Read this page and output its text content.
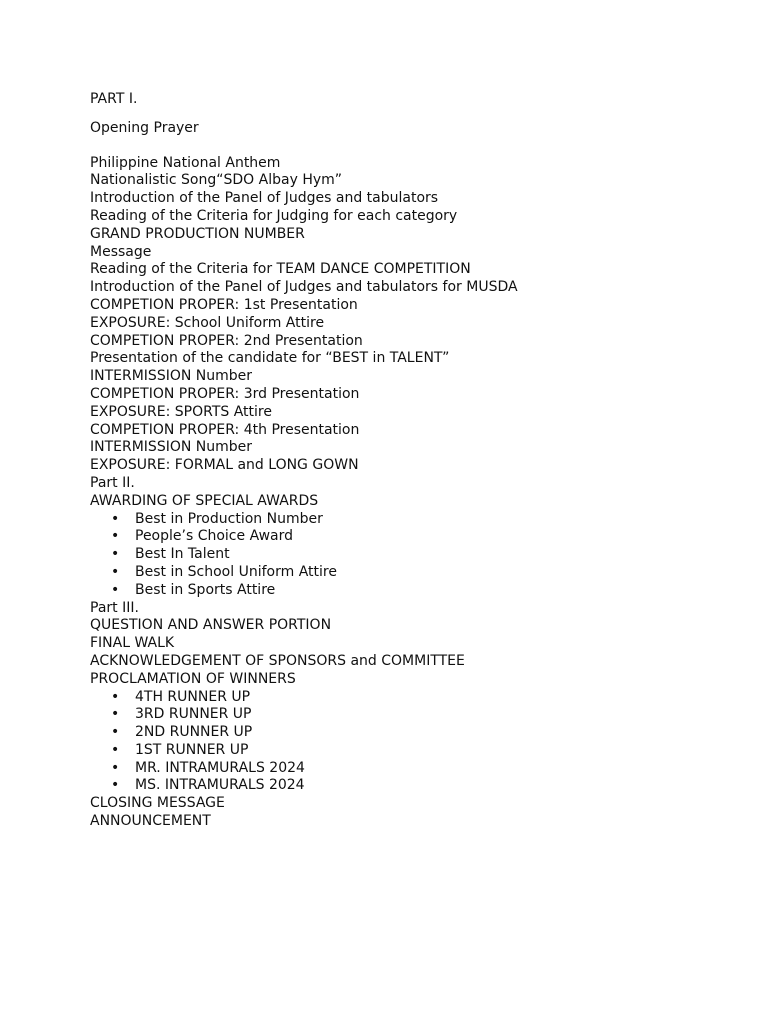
PART I.
Opening Prayer
Philippine National Anthem
Nationalistic Song“SDO Albay Hym”
Introduction of the Panel of Judges and tabulators
Reading of the Criteria for Judging for each category
GRAND PRODUCTION NUMBER
Message
Reading of the Criteria for TEAM DANCE COMPETITION
Introduction of the Panel of Judges and tabulators for MUSDA
COMPETION PROPER: 1st Presentation
EXPOSURE: School Uniform Attire
COMPETION PROPER: 2nd Presentation
Presentation of the candidate for “BEST in TALENT”
INTERMISSION Number
COMPETION PROPER: 3rd Presentation
EXPOSURE: SPORTS Attire
COMPETION PROPER: 4th Presentation
INTERMISSION Number
EXPOSURE: FORMAL and LONG GOWN
Part II.
AWARDING OF SPECIAL AWARDS
•	Best in Production Number
•	People’s Choice Award
•	Best In Talent
•	Best in School Uniform Attire
•	Best in Sports Attire
Part III.
QUESTION AND ANSWER PORTION
FINAL WALK
ACKNOWLEDGEMENT OF SPONSORS and COMMITTEE
PROCLAMATION OF WINNERS
•	4TH RUNNER UP
•	3RD RUNNER UP
•	2ND RUNNER UP
•	1ST RUNNER UP
•	MR. INTRAMURALS 2024
•	MS. INTRAMURALS 2024
CLOSING MESSAGE
ANNOUNCEMENT
